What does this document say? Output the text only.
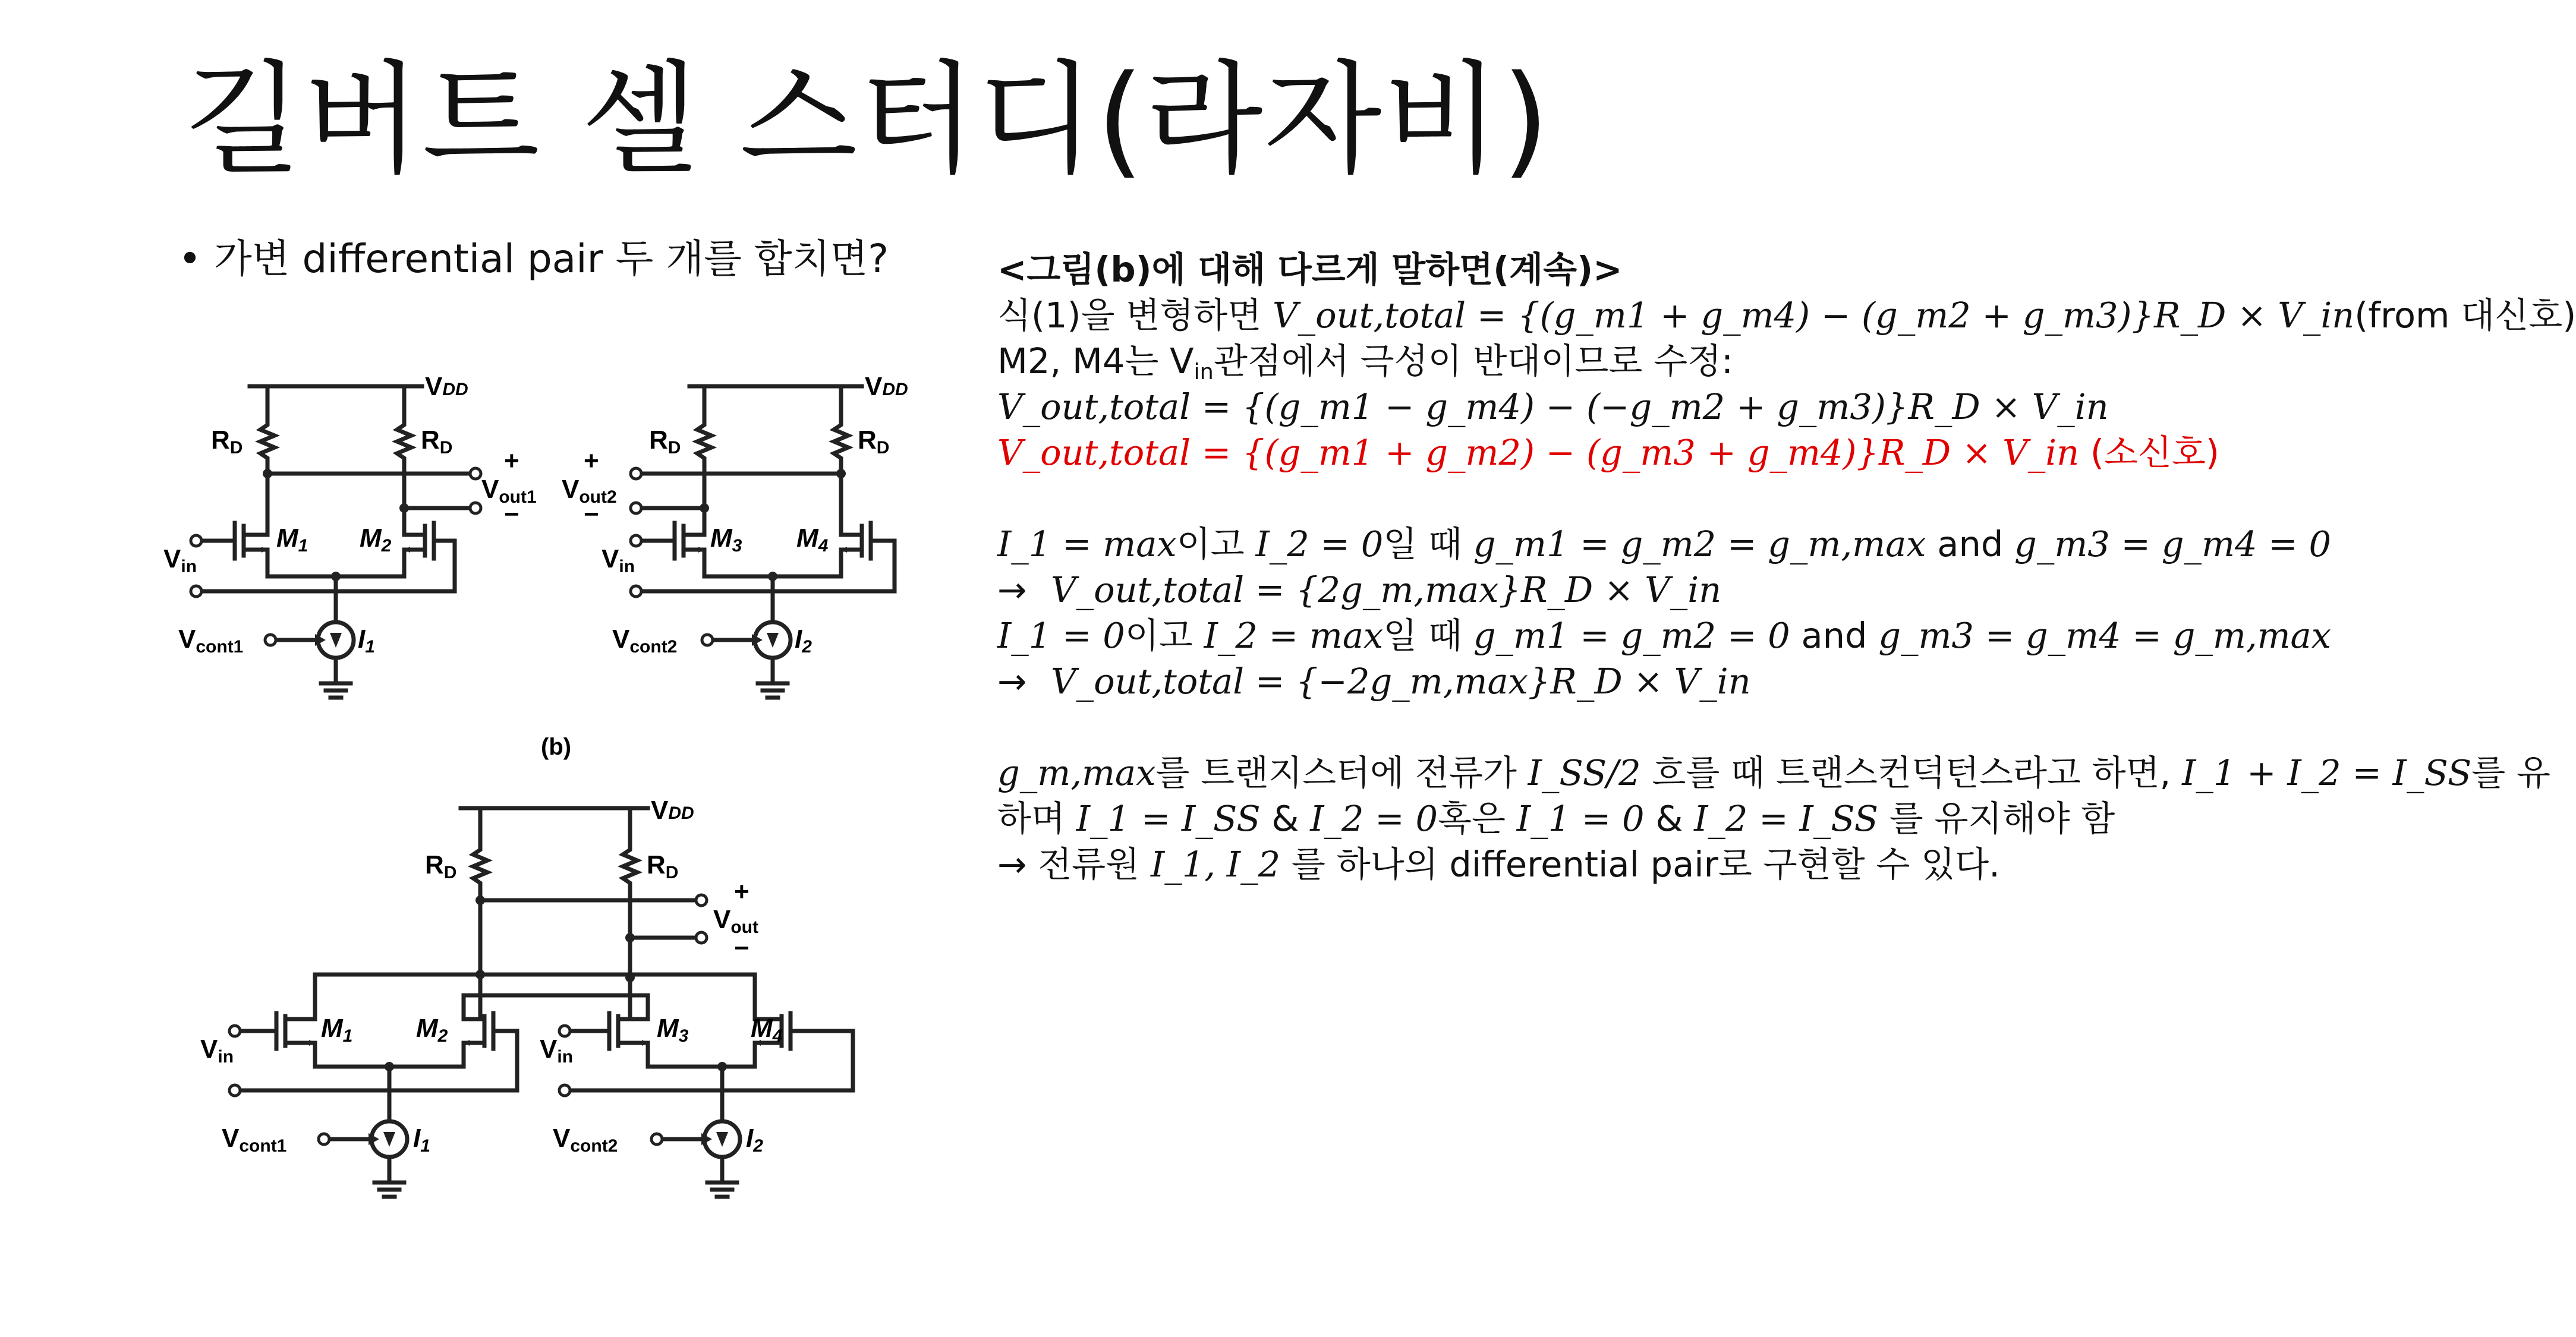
길버트 셀 스터디(라자비)
• 가변 differential pair 두 개를 합치면?
VDD
RD	RD +
Vout1
−
Vin
M1 M2
Vcont1	I1
VDD
RD	RD
+
Vout2
−
Vin
M3 M4
Vcont2	I2
(b)
VDD
RD	RD
+
Vout
−
Vin
M1 M2	Vin
M3 M4
Vcont1	I1	Vcont2	I2
<그림(b)에 대해 다르게 말하면(계속)>
식(1)을 변형하면 V_out,total = {(g_m1 + g_m4) − (g_m2 + g_m3)}R_D × V_in(from 대신호)
M2, M4는 $V_{in}$관점에서 극성이 반대이므로 수정:
V_out,total = {(g_m1 − g_m4) − (−g_m2 + g_m3)}R_D × V_in
V_out,total = {(g_m1 + g_m2) − (g_m3 + g_m4)}R_D × V_in (소신호)
I_1 = max이고 I_2 = 0일 때 g_m1 = g_m2 = g_m,max and g_m3 = g_m4 = 0
→ V_out,total = {2g_m,max}R_D × V_in
I_1 = 0이고 I_2 = max일 때 g_m1 = g_m2 = 0 and g_m3 = g_m4 = g_m,max
→ V_out,total = {−2g_m,max}R_D × V_in
g_m,max를 트랜지스터에 전류가 I_SS/2 흐를 때 트랜스컨덕턴스라고 하면, I_1 + I_2 = I_SS를 유
하며 I_1 = I_SS & I_2 = 0혹은 I_1 = 0 & I_2 = I_SS 를 유지해야 함
→ 전류원 I_1, I_2 를 하나의 differential pair로 구현할 수 있다.
